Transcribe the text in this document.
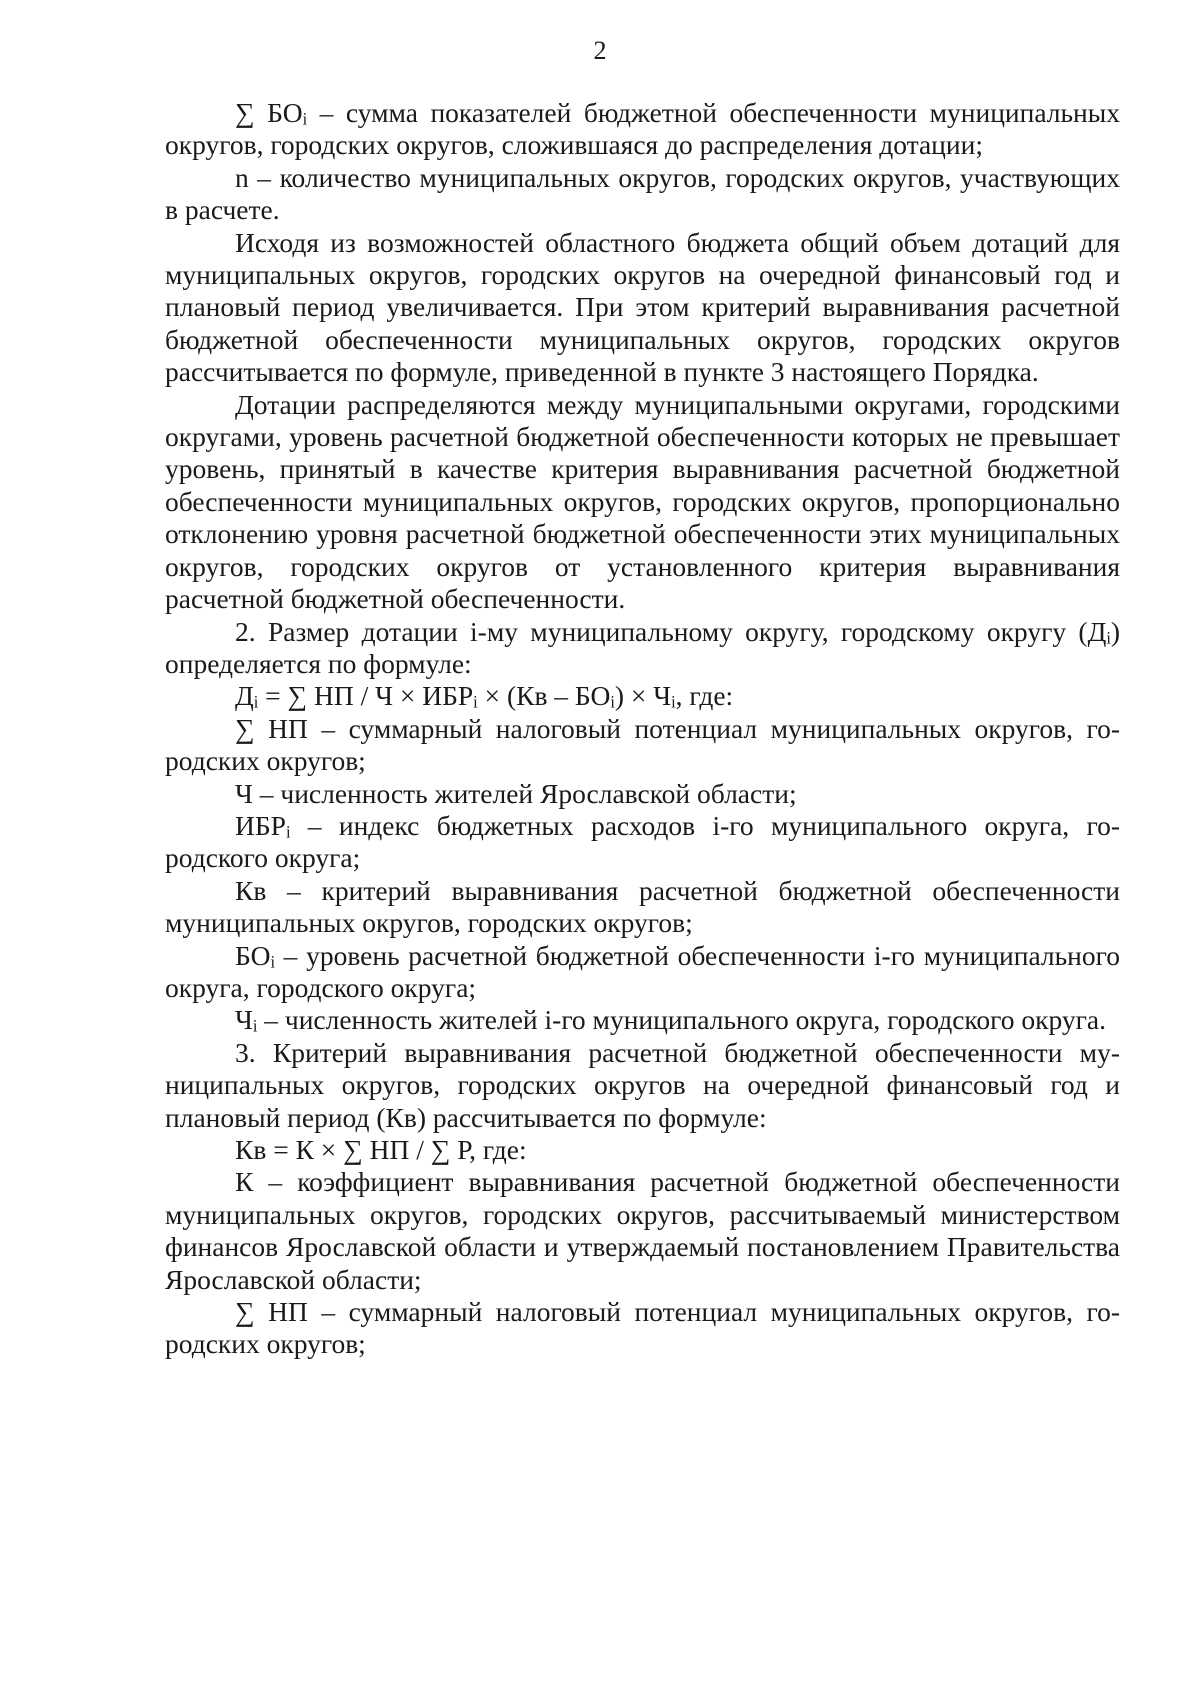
2

∑ БОᵢ – сумма показателей бюджетной обеспеченности муниципальных округов, городских округов, сложившаяся до распределения дотации;

n – количество муниципальных округов, городских округов, участвующих в расчете.

Исходя из возможностей областного бюджета общий объем дотаций для муниципальных округов, городских округов на очередной финансовый год и плановый период увеличивается. При этом критерий выравнивания расчетной бюджетной обеспеченности муниципальных округов, городских округов рассчитывается по формуле, приведенной в пункте 3 настоящего Порядка.

Дотации распределяются между муниципальными округами, городскими округами, уровень расчетной бюджетной обеспеченности которых не превышает уровень, принятый в качестве критерия выравнивания расчетной бюджетной обеспеченности муниципальных округов, городских округов, пропорционально отклонению уровня расчетной бюджетной обеспеченности этих муниципальных округов, городских округов от установленного критерия выравнивания расчетной бюджетной обеспеченности.

2. Размер дотации i-му муниципальному округу, городскому округу (Дᵢ) определяется по формуле:

Дᵢ = ∑ НП / Ч × ИБРᵢ × (Кв – БОᵢ) × Чᵢ, где:

∑ НП – суммарный налоговый потенциал муниципальных округов, городских округов;

Ч – численность жителей Ярославской области;

ИБРᵢ – индекс бюджетных расходов i-го муниципального округа, городского округа;

Кв – критерий выравнивания расчетной бюджетной обеспеченности муниципальных округов, городских округов;

БОᵢ – уровень расчетной бюджетной обеспеченности i-го муниципального округа, городского округа;

Чᵢ – численность жителей i-го муниципального округа, городского округа.

3. Критерий выравнивания расчетной бюджетной обеспеченности муниципальных округов, городских округов на очередной финансовый год и плановый период (Кв) рассчитывается по формуле:

Кв = К × ∑ НП / ∑ Р, где:

К – коэффициент выравнивания расчетной бюджетной обеспеченности муниципальных округов, городских округов, рассчитываемый министерством финансов Ярославской области и утверждаемый постановлением Правительства Ярославской области;

∑ НП – суммарный налоговый потенциал муниципальных округов, городских округов;
